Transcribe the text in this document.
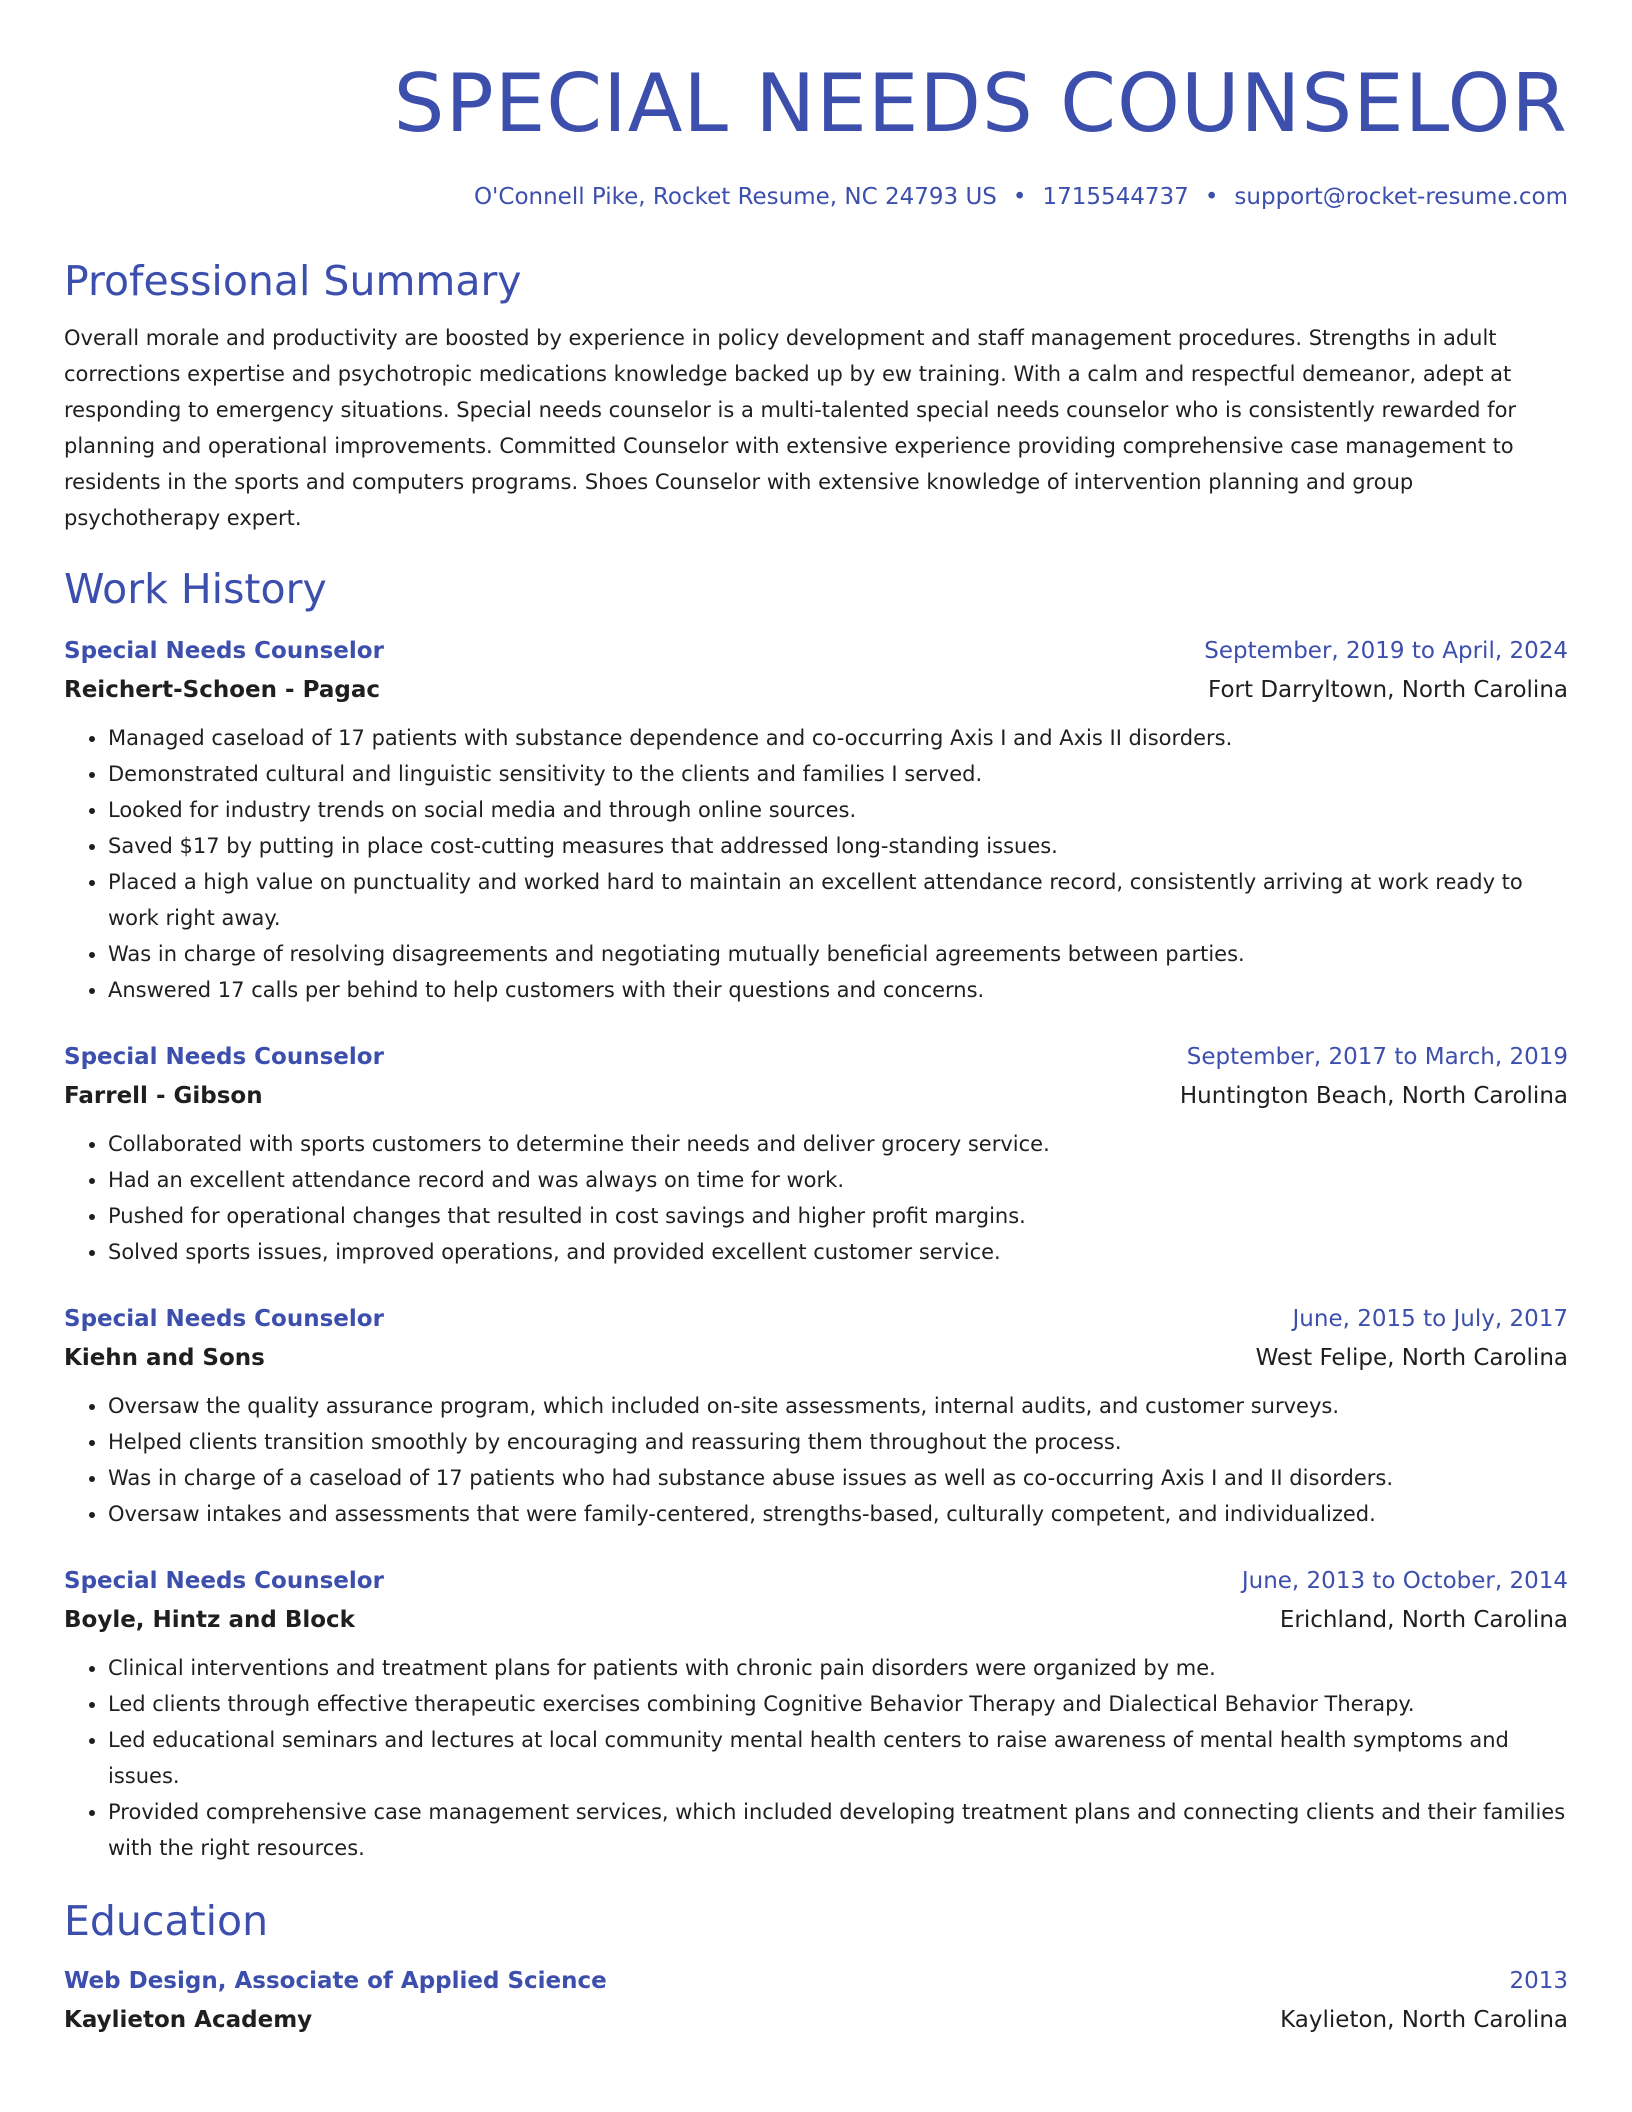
SPECIAL NEEDS COUNSELOR
O'Connell Pike, Rocket Resume, NC 24793 US • 1715544737 • support@rocket-resume.com
Professional Summary

Overall morale and productivity are boosted by experience in policy development and staff management procedures. Strengths in adult corrections expertise and psychotropic medications knowledge backed up by ew training. With a calm and respectful demeanor, adept at responding to emergency situations. Special needs counselor is a multi-talented special needs counselor who is consistently rewarded for planning and operational improvements. Committed Counselor with extensive experience providing comprehensive case management to residents in the sports and computers programs. Shoes Counselor with extensive knowledge of intervention planning and group psychotherapy expert.

Work History
Special Needs Counselor	September, 2019 to April, 2024
Reichert-Schoen - Pagac	Fort Darryltown, North Carolina
• Managed caseload of 17 patients with substance dependence and co-occurring Axis I and Axis II disorders.
• Demonstrated cultural and linguistic sensitivity to the clients and families I served.
• Looked for industry trends on social media and through online sources.
• Saved $17 by putting in place cost-cutting measures that addressed long-standing issues.
• Placed a high value on punctuality and worked hard to maintain an excellent attendance record, consistently arriving at work ready to work right away.
• Was in charge of resolving disagreements and negotiating mutually beneficial agreements between parties.
• Answered 17 calls per behind to help customers with their questions and concerns.
Special Needs Counselor	September, 2017 to March, 2019
Farrell - Gibson	Huntington Beach, North Carolina
• Collaborated with sports customers to determine their needs and deliver grocery service.
• Had an excellent attendance record and was always on time for work.
• Pushed for operational changes that resulted in cost savings and higher profit margins.
• Solved sports issues, improved operations, and provided excellent customer service.
Special Needs Counselor	June, 2015 to July, 2017
Kiehn and Sons	West Felipe, North Carolina
• Oversaw the quality assurance program, which included on-site assessments, internal audits, and customer surveys.
• Helped clients transition smoothly by encouraging and reassuring them throughout the process.
• Was in charge of a caseload of 17 patients who had substance abuse issues as well as co-occurring Axis I and II disorders.
• Oversaw intakes and assessments that were family-centered, strengths-based, culturally competent, and individualized.
Special Needs Counselor	June, 2013 to October, 2014
Boyle, Hintz and Block	Erichland, North Carolina
• Clinical interventions and treatment plans for patients with chronic pain disorders were organized by me.
• Led clients through effective therapeutic exercises combining Cognitive Behavior Therapy and Dialectical Behavior Therapy.
• Led educational seminars and lectures at local community mental health centers to raise awareness of mental health symptoms and issues.
• Provided comprehensive case management services, which included developing treatment plans and connecting clients and their families with the right resources.
Education
Web Design, Associate of Applied Science	2013
Kaylieton Academy	Kaylieton, North Carolina
